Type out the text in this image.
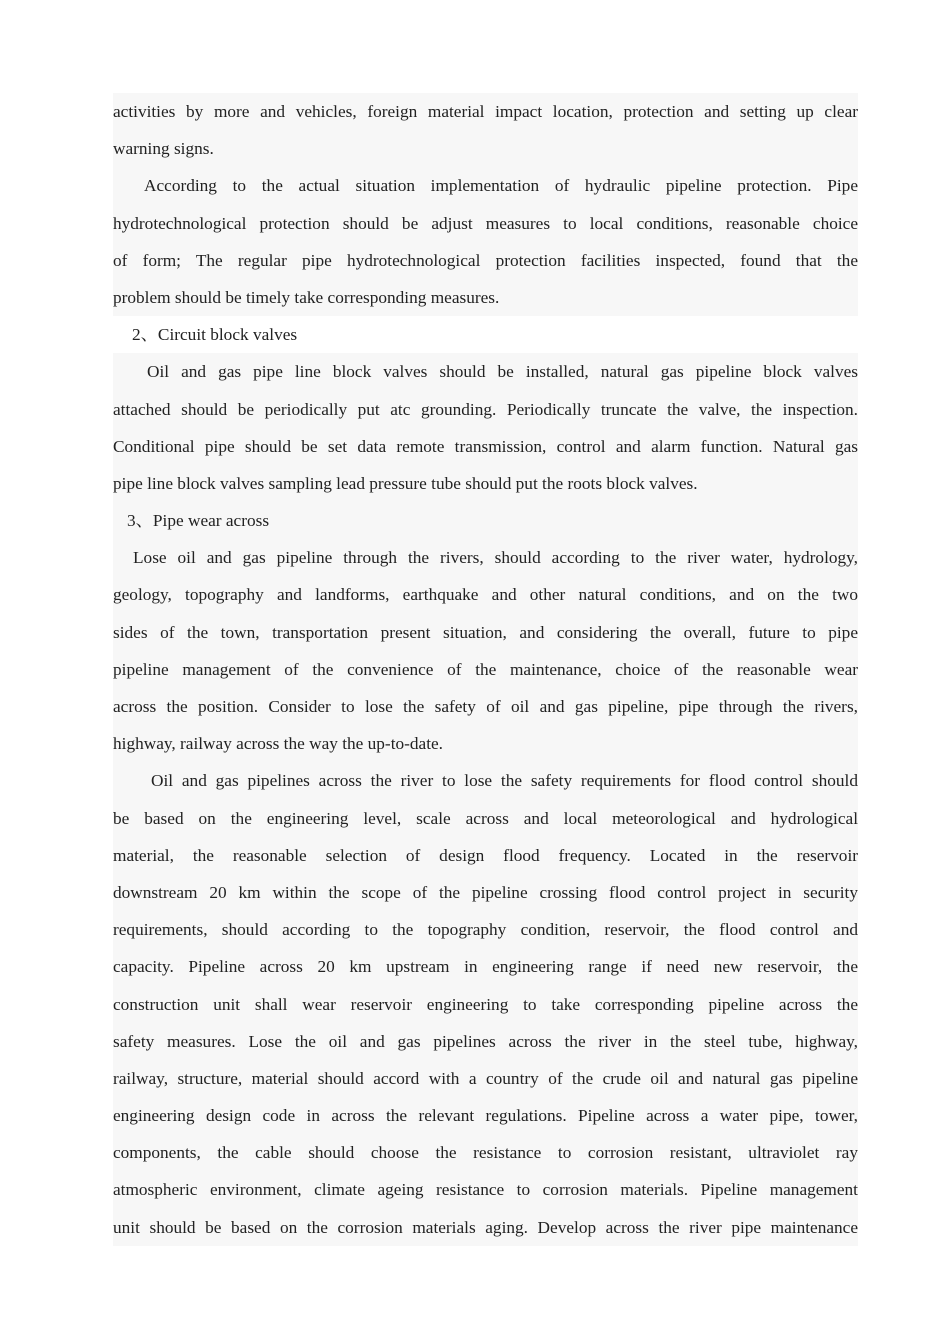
activities by more and vehicles, foreign material impact location, protection and setting up clear
warning signs.
According to the actual situation implementation of hydraulic pipeline protection. Pipe
hydrotechnological protection should be adjust measures to local conditions, reasonable choice
of form; The regular pipe hydrotechnological protection facilities inspected, found that the
problem should be timely take corresponding measures.
2、Circuit block valves
Oil and gas pipe line block valves should be installed, natural gas pipeline block valves
attached should be periodically put atc grounding. Periodically truncate the valve, the inspection.
Conditional pipe should be set data remote transmission, control and alarm function. Natural gas
pipe line block valves sampling lead pressure tube should put the roots block valves.
3、Pipe wear across
Lose oil and gas pipeline through the rivers, should according to the river water, hydrology,
geology, topography and landforms, earthquake and other natural conditions, and on the two
sides of the town, transportation present situation, and considering the overall, future to pipe
pipeline management of the convenience of the maintenance, choice of the reasonable wear
across the position. Consider to lose the safety of oil and gas pipeline, pipe through the rivers,
highway, railway across the way the up-to-date.
Oil and gas pipelines across the river to lose the safety requirements for flood control should
be based on the engineering level, scale across and local meteorological and hydrological
material, the reasonable selection of design flood frequency. Located in the reservoir
downstream 20 km within the scope of the pipeline crossing flood control project in security
requirements, should according to the topography condition, reservoir, the flood control and
capacity. Pipeline across 20 km upstream in engineering range if need new reservoir, the
construction unit shall wear reservoir engineering to take corresponding pipeline across the
safety measures. Lose the oil and gas pipelines across the river in the steel tube, highway,
railway, structure, material should accord with a country of the crude oil and natural gas pipeline
engineering design code in across the relevant regulations. Pipeline across a water pipe, tower,
components, the cable should choose the resistance to corrosion resistant, ultraviolet ray
atmospheric environment, climate ageing resistance to corrosion materials. Pipeline management
unit should be based on the corrosion materials aging. Develop across the river pipe maintenance
